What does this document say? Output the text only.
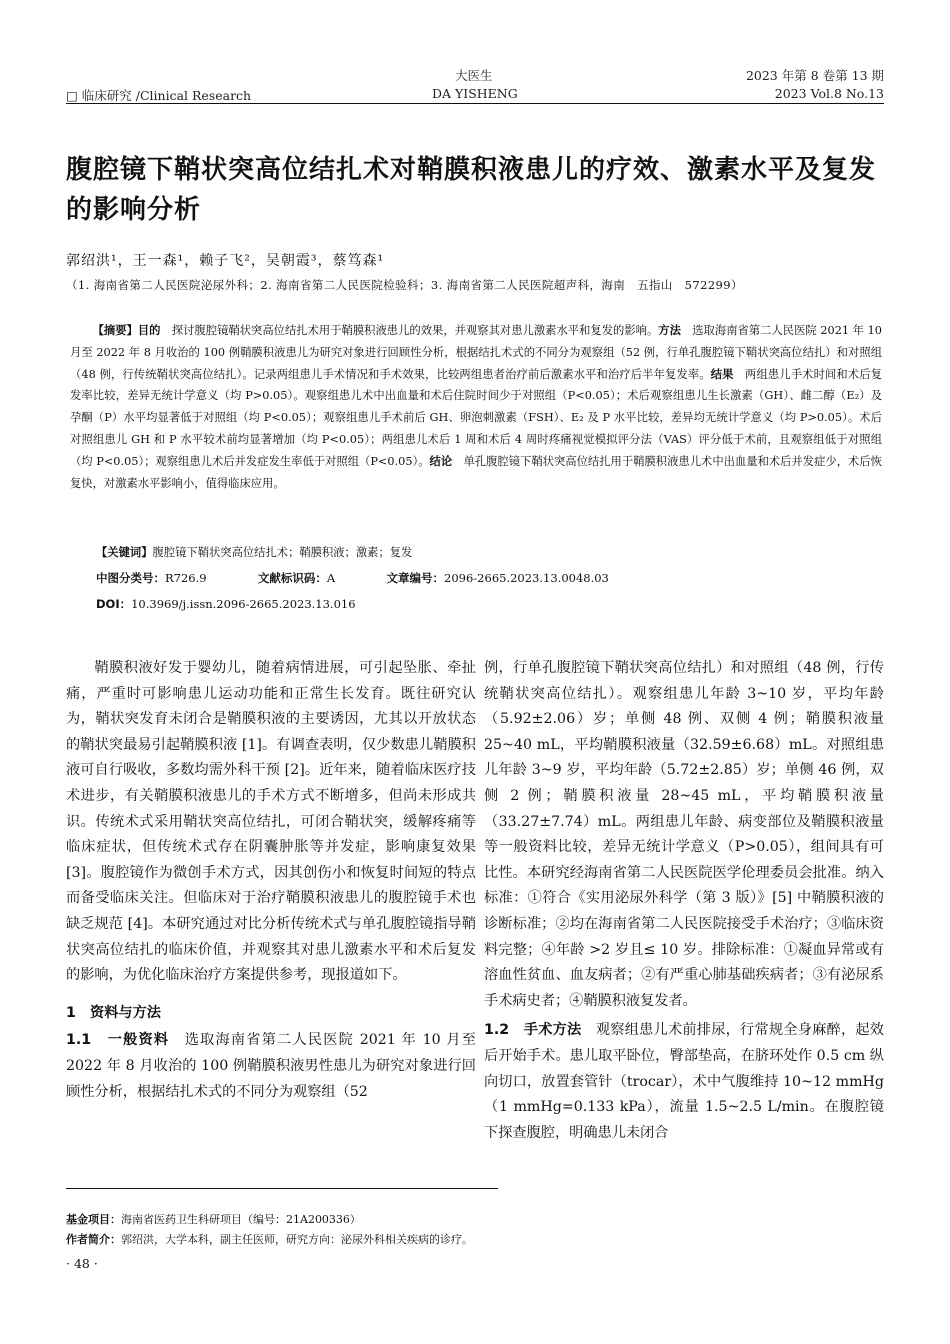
大医生	2023 年第 8 卷第 13 期
□ 临床研究 /Clinical Research	DA YISHENG	2023 Vol.8 No.13
腹腔镜下鞘状突高位结扎术对鞘膜积液患儿的疗效、激素水平及复发的影响分析
郭绍洪¹，王一森¹，赖子飞²，吴朝霞³，蔡笃森¹
（1. 海南省第二人民医院泌尿外科；2. 海南省第二人民医院检验科；3. 海南省第二人民医院超声科，海南　五指山　572299）

【摘要】目的　 探讨腹腔镜鞘状突高位结扎术用于鞘膜积液患儿的效果，并观察其对患儿激素水平和复发的影响。方法　 选取海南省第二人民医院 2021 年 10 月至 2022 年 8 月收治的 100 例鞘膜积液患儿为研究对象进行回顾性分析，根据结扎术式的不同分为观察组（52 例，行单孔腹腔镜下鞘状突高位结扎）和对照组（48 例，行传统鞘状突高位结扎）。记录两组患儿手术情况和手术效果，比较两组患者治疗前后激素水平和治疗后半年复发率。结果　 两组患儿手术时间和术后复发率比较，差异无统计学意义（均 P>0.05）。观察组患儿术中出血量和术后住院时间少于对照组（P<0.05）；术后观察组患儿生长激素（GH）、雌二醇（E₂）及孕酮（P）水平均显著低于对照组（均 P<0.05）；观察组患儿手术前后 GH、卵泡刺激素（FSH）、E₂ 及 P 水平比较，差异均无统计学意义（均 P>0.05）。术后对照组患儿 GH 和 P 水平较术前均显著增加（均 P<0.05）；两组患儿术后 1 周和术后 4 周时疼痛视觉模拟评分法（VAS）评分低于术前，且观察组低于对照组（均 P<0.05）；观察组患儿术后并发症发生率低于对照组（P<0.05）。结论　 单孔腹腔镜下鞘状突高位结扎用于鞘膜积液患儿术中出血量和术后并发症少，术后恢复快，对激素水平影响小，值得临床应用。

【关键词】腹腔镜下鞘状突高位结扎术；鞘膜积液；激素；复发
中图分类号：R726.9	文献标识码：A	文章编号：2096-2665.2023.13.0048.03
DOI：10.3969/j.issn.2096-2665.2023.13.016

鞘膜积液好发于婴幼儿，随着病情进展，可引起坠胀、牵扯痛，严重时可影响患儿运动功能和正常生长发育。既往研究认为，鞘状突发育未闭合是鞘膜积液的主要诱因，尤其以开放状态的鞘状突最易引起鞘膜积液 [1]。有调查表明，仅少数患儿鞘膜积液可自行吸收，多数均需外科干预 [2]。近年来，随着临床医疗技术进步，有关鞘膜积液患儿的手术方式不断增多，但尚未形成共识。传统术式采用鞘状突高位结扎，可闭合鞘状突，缓解疼痛等临床症状，但传统术式存在阴囊肿胀等并发症，影响康复效果 [3]。腹腔镜作为微创手术方式，因其创伤小和恢复时间短的特点而备受临床关注。但临床对于治疗鞘膜积液患儿的腹腔镜手术也缺乏规范 [4]。本研究通过对比分析传统术式与单孔腹腔镜指导鞘状突高位结扎的临床价值，并观察其对患儿激素水平和术后复发的影响，为优化临床治疗方案提供参考，现报道如下。

1　资料与方法

1.1　一般资料　 选取海南省第二人民医院 2021 年 10 月至 2022 年 8 月收治的 100 例鞘膜积液男性患儿为研究对象进行回顾性分析，根据结扎术式的不同分为观察组（52

例，行单孔腹腔镜下鞘状突高位结扎）和对照组（48 例，行传统鞘状突高位结扎）。观察组患儿年龄 3~10 岁，平均年龄（5.92±2.06）岁；单侧 48 例、双侧 4 例；鞘膜积液量 25~40 mL，平均鞘膜积液量（32.59±6.68）mL。对照组患儿年龄 3~9 岁，平均年龄（5.72±2.85）岁；单侧 46 例，双侧 2 例；鞘膜积液量 28~45 mL，平均鞘膜积液量（33.27±7.74）mL。两组患儿年龄、病变部位及鞘膜积液量等一般资料比较，差异无统计学意义（P>0.05），组间具有可比性。本研究经海南省第二人民医院医学伦理委员会批准。纳入标准：①符合《实用泌尿外科学（第 3 版）》[5] 中鞘膜积液的诊断标准；②均在海南省第二人民医院接受手术治疗；③临床资料完整；④年龄 >2 岁且≤ 10 岁。排除标准：①凝血异常或有溶血性贫血、血友病者；②有严重心肺基础疾病者；③有泌尿系手术病史者；④鞘膜积液复发者。

1.2　手术方法　 观察组患儿术前排尿，行常规全身麻醉，起效后开始手术。患儿取平卧位，臀部垫高，在脐环处作 0.5 cm 纵向切口，放置套管针（trocar），术中气腹维持 10~12 mmHg（1 mmHg=0.133 kPa），流量 1.5~2.5 L/min。在腹腔镜下探查腹腔，明确患儿未闭合

基金项目：海南省医药卫生科研项目（编号：21A200336）
作者简介：郭绍洪，大学本科，副主任医师，研究方向：泌尿外科相关疾病的诊疗。
· 48 ·
